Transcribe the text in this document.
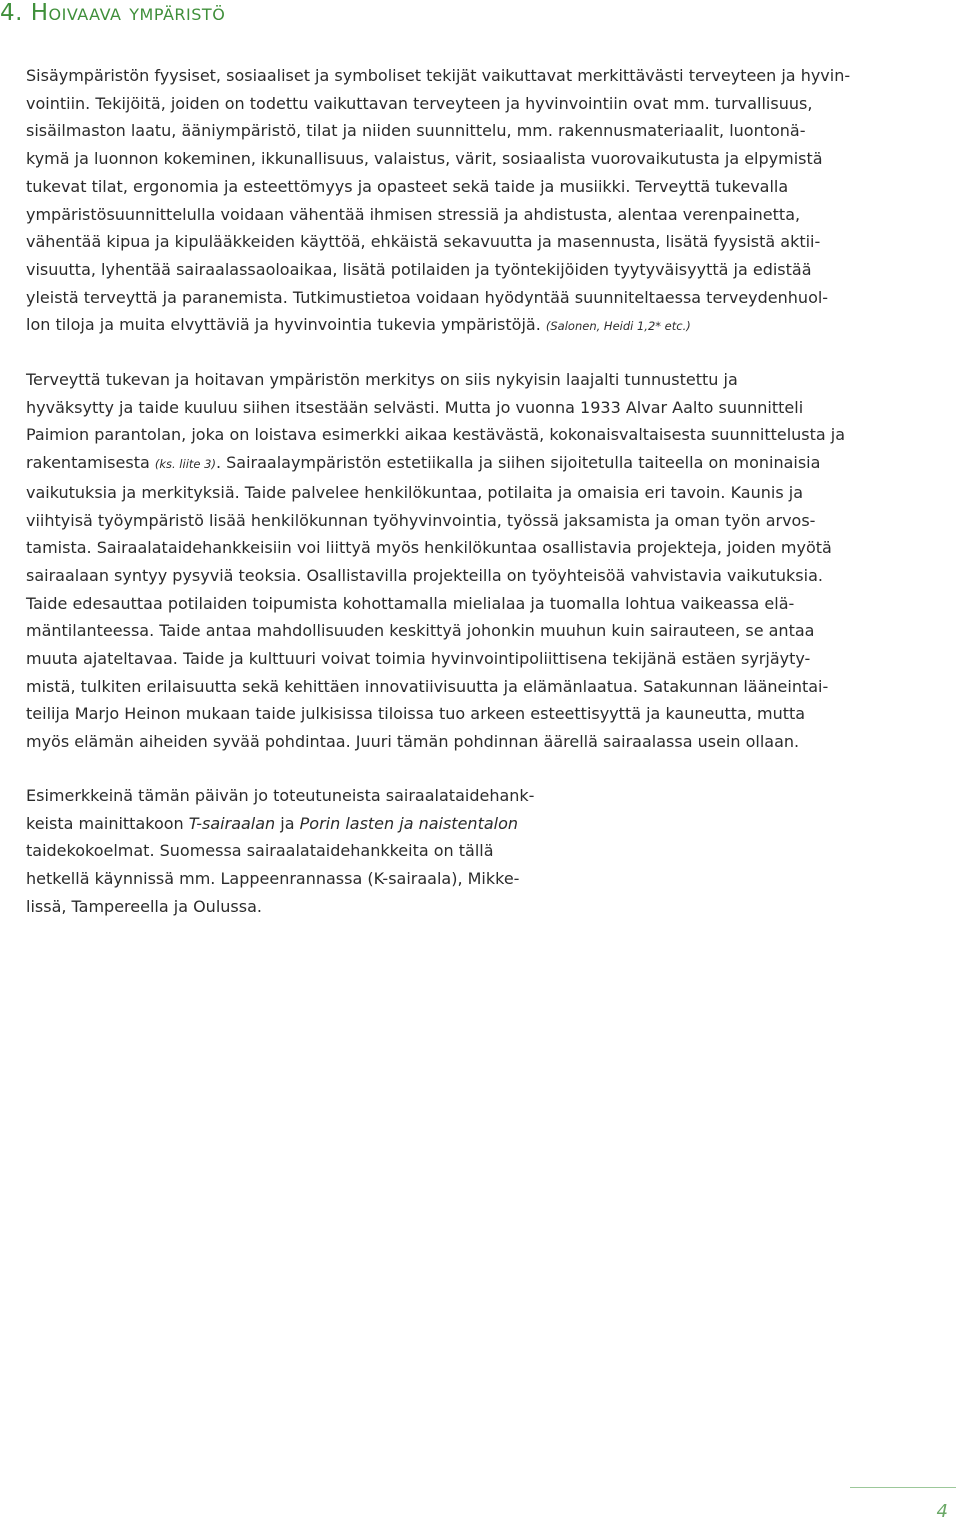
4. Hoivaava ympäristö
Sisäympäristön fyysiset, sosiaaliset ja symboliset tekijät vaikuttavat merkittävästi terveyteen ja hyvin-
vointiin. Tekijöitä, joiden on todettu vaikuttavan terveyteen ja hyvinvointiin ovat mm. turvallisuus,
sisäilmaston laatu, ääniympäristö, tilat ja niiden suunnittelu, mm. rakennusmateriaalit, luontonä-
kymä ja luonnon kokeminen, ikkunallisuus, valaistus, värit, sosiaalista vuorovaikutusta ja elpymistä
tukevat tilat, ergonomia ja esteettömyys ja opasteet sekä taide ja musiikki. Terveyttä tukevalla
ympäristösuunnittelulla voidaan vähentää ihmisen stressiä ja ahdistusta, alentaa verenpainetta,
vähentää kipua ja kipulääkkeiden käyttöä, ehkäistä sekavuutta ja masennusta, lisätä fyysistä aktii-
visuutta, lyhentää sairaalassaoloaikaa, lisätä potilaiden ja työntekijöiden tyytyväisyyttä ja edistää
yleistä terveyttä ja paranemista. Tutkimustietoa voidaan hyödyntää suunniteltaessa terveydenhuol-
lon tiloja ja muita elvyttäviä ja hyvinvointia tukevia ympäristöjä. (Salonen, Heidi 1,2* etc.)
Terveyttä tukevan ja hoitavan ympäristön merkitys on siis nykyisin laajalti tunnustettu ja
hyväksytty ja taide kuuluu siihen itsestään selvästi. Mutta jo vuonna 1933 Alvar Aalto suunnitteli
Paimion parantolan, joka on loistava esimerkki aikaa kestävästä, kokonaisvaltaisesta suunnittelusta ja
rakentamisesta (ks. liite 3). Sairaalaympäristön estetiikalla ja siihen sijoitetulla taiteella on moninaisia
vaikutuksia ja merkityksiä. Taide palvelee henkilökuntaa, potilaita ja omaisia eri tavoin. Kaunis ja
viihtyisä työympäristö lisää henkilökunnan työhyvinvointia, työssä jaksamista ja oman työn arvos-
tamista. Sairaalataidehankkeisiin voi liittyä myös henkilökuntaa osallistavia projekteja, joiden myötä
sairaalaan syntyy pysyviä teoksia. Osallistavilla projekteilla on työyhteisöä vahvistavia vaikutuksia.
Taide edesauttaa potilaiden toipumista kohottamalla mielialaa ja tuomalla lohtua vaikeassa elä-
mäntilanteessa. Taide antaa mahdollisuuden keskittyä johonkin muuhun kuin sairauteen, se antaa
muuta ajateltavaa. Taide ja kulttuuri voivat toimia hyvinvointipoliittisena tekijänä estäen syrjäyty-
mistä, tulkiten erilaisuutta sekä kehittäen innovatiivisuutta ja elämänlaatua. Satakunnan lääneintai-
teilija Marjo Heinon mukaan taide julkisissa tiloissa tuo arkeen esteettisyyttä ja kauneutta, mutta
myös elämän aiheiden syvää pohdintaa. Juuri tämän pohdinnan äärellä sairaalassa usein ollaan.
Esimerkkeinä tämän päivän jo toteutuneista sairaalataidehank-
keista mainittakoon T-sairaalan ja Porin lasten ja naistentalon
taidekokoelmat. Suomessa sairaalataidehankkeita on tällä
hetkellä käynnissä mm. Lappeenrannassa (K-sairaala), Mikke-
lissä, Tampereella ja Oulussa.
4
